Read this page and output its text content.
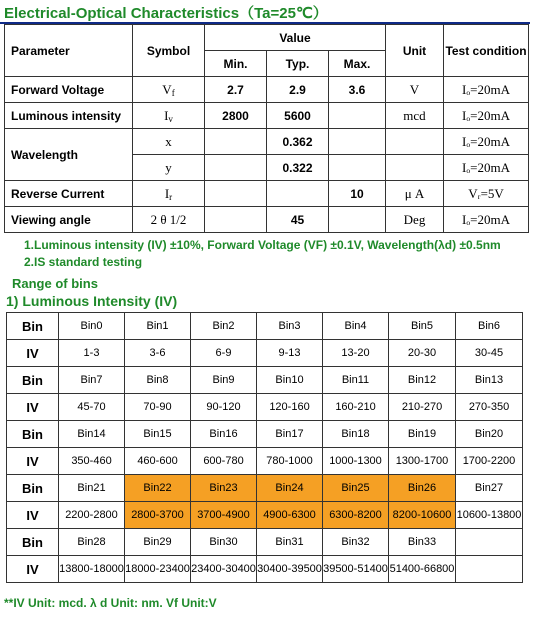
Electrical-Optical Characteristics（Ta=25℃）
Parameter	Symbol	Value			Unit	Test condition
		Min.	Typ.	Max.		
Forward Voltage	$V_f$	2.7	2.9	3.6	V	Iₒ=20mA
Luminous intensity	$I_v$	2800	5600		mcd	Iₒ=20mA
Wavelength	x		0.362			Iₒ=20mA
	y		0.322			Iₒ=20mA
Reverse Current	$I_r$			10	μ A	Vᵣ=5V
Viewing angle	2 θ 1/2		45		Deg	Iₒ=20mA
1.Luminous intensity (IV) ±10%, Forward Voltage (VF) ±0.1V, Wavelength(λd) ±0.5nm
2.IS standard testing
Range of bins
1) Luminous Intensity (IV)
Bin	Bin0	Bin1	Bin2	Bin3	Bin4	Bin5	Bin6
IV	1-3	3-6	6-9	9-13	13-20	20-30	30-45
Bin	Bin7	Bin8	Bin9	Bin10	Bin11	Bin12	Bin13
IV	45-70	70-90	90-120	120-160	160-210	210-270	270-350
Bin	Bin14	Bin15	Bin16	Bin17	Bin18	Bin19	Bin20
IV	350-460	460-600	600-780	780-1000	1000-1300	1300-1700	1700-2200
Bin	Bin21	Bin22	Bin23	Bin24	Bin25	Bin26	Bin27
IV	2200-2800	2800-3700	3700-4900	4900-6300	6300-8200	8200-10600	10600-13800
Bin	Bin28	Bin29	Bin30	Bin31	Bin32	Bin33	
IV	13800-18000	18000-23400	23400-30400	30400-39500	39500-51400	51400-66800	
**IV Unit: mcd. λ d Unit: nm. Vf Unit:V
